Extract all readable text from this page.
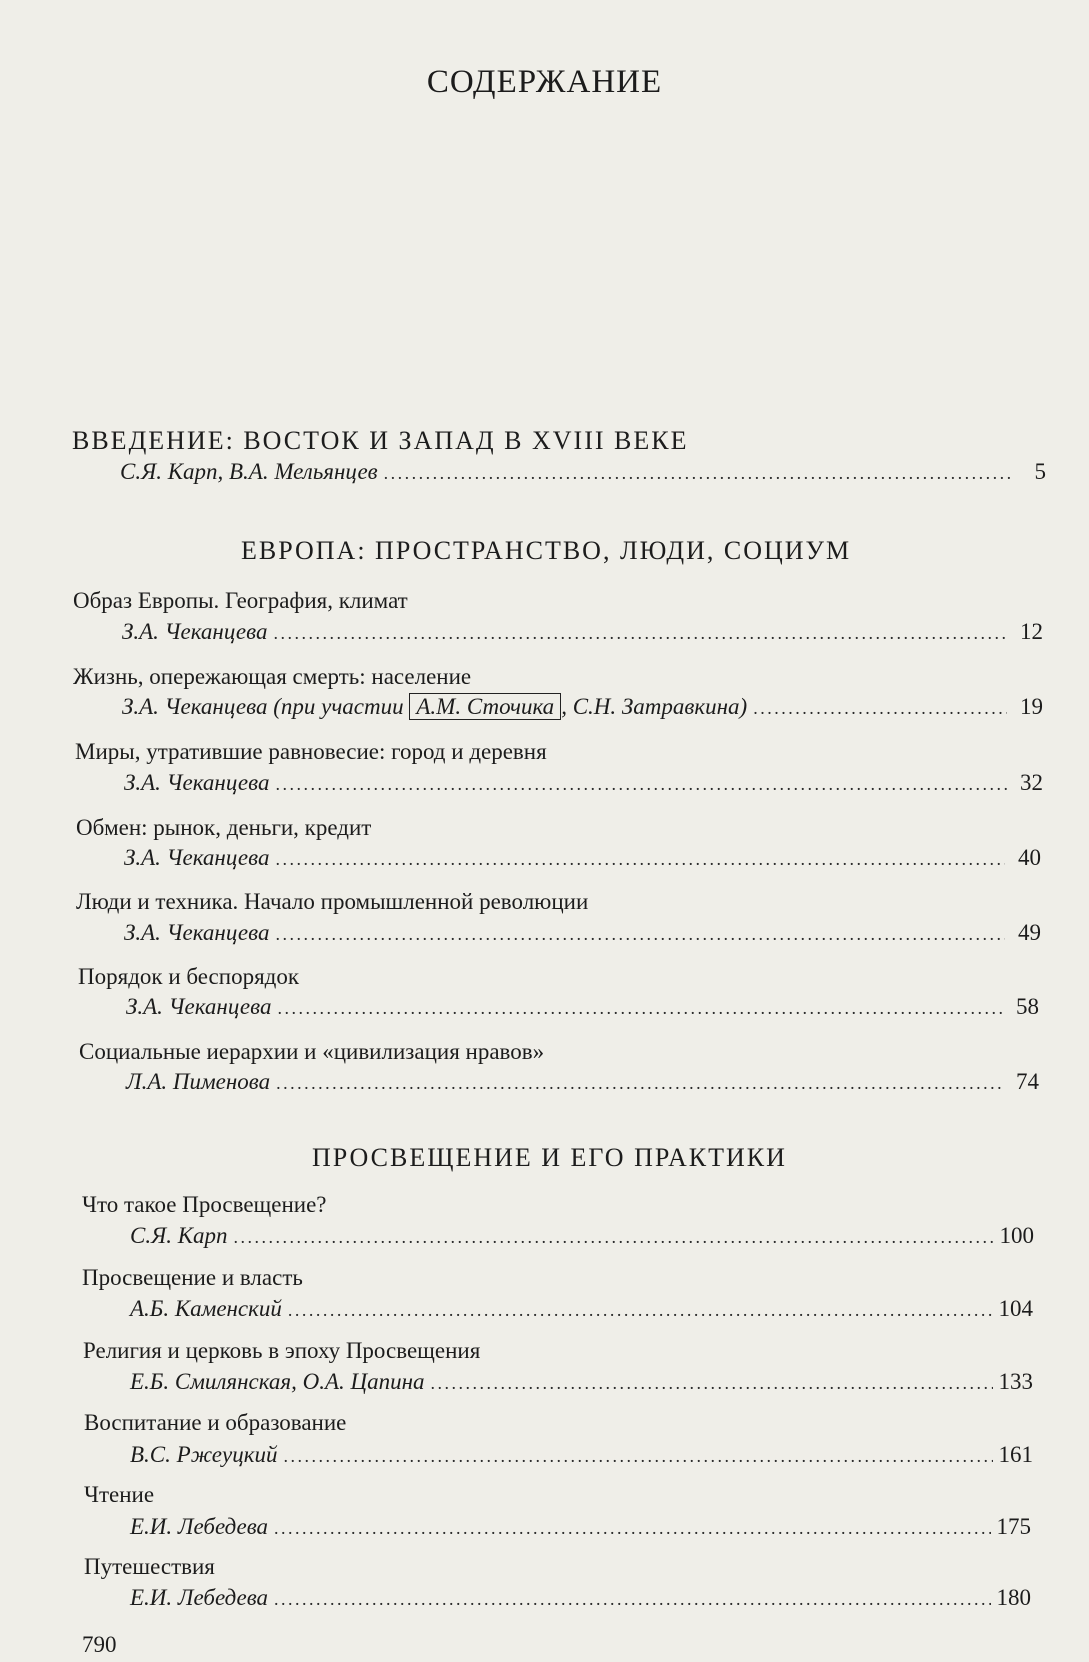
СОДЕРЖАНИЕ
ВВЕДЕНИЕ: ВОСТОК И ЗАПАД В XVIII ВЕКЕ
С.Я. Карп, В.А. Мельянцев . . .	5
ЕВРОПА: ПРОСТРАНСТВО, ЛЮДИ, СОЦИУМ
Образ Европы. География, климат
З.А. Чеканцева . . .	12
Жизнь, опережающая смерть: население
З.А. Чеканцева (при участии А.М. Сточика , С.Н. Затравкина) . . .	19
Миры, утратившие равновесие: город и деревня
З.А. Чеканцева . . .	32
Обмен: рынок, деньги, кредит
З.А. Чеканцева . . .	40
Люди и техника. Начало промышленной революции
З.А. Чеканцева . . .	49
Порядок и беспорядок
З.А. Чеканцева . . .	58
Социальные иерархии и «цивилизация нравов»
Л.А. Пименова . . .	74
ПРОСВЕЩЕНИЕ И ЕГО ПРАКТИКИ
Что такое Просвещение?
С.Я. Карп . . .	100
Просвещение и власть
А.Б. Каменский . . .	104
Религия и церковь в эпоху Просвещения
Е.Б. Смилянская, О.А. Цапина . . .	133
Воспитание и образование
В.С. Ржеуцкий . . .	161
Чтение
Е.И. Лебедева . . .	175
Путешествия
Е.И. Лебедева . . .	180
790
